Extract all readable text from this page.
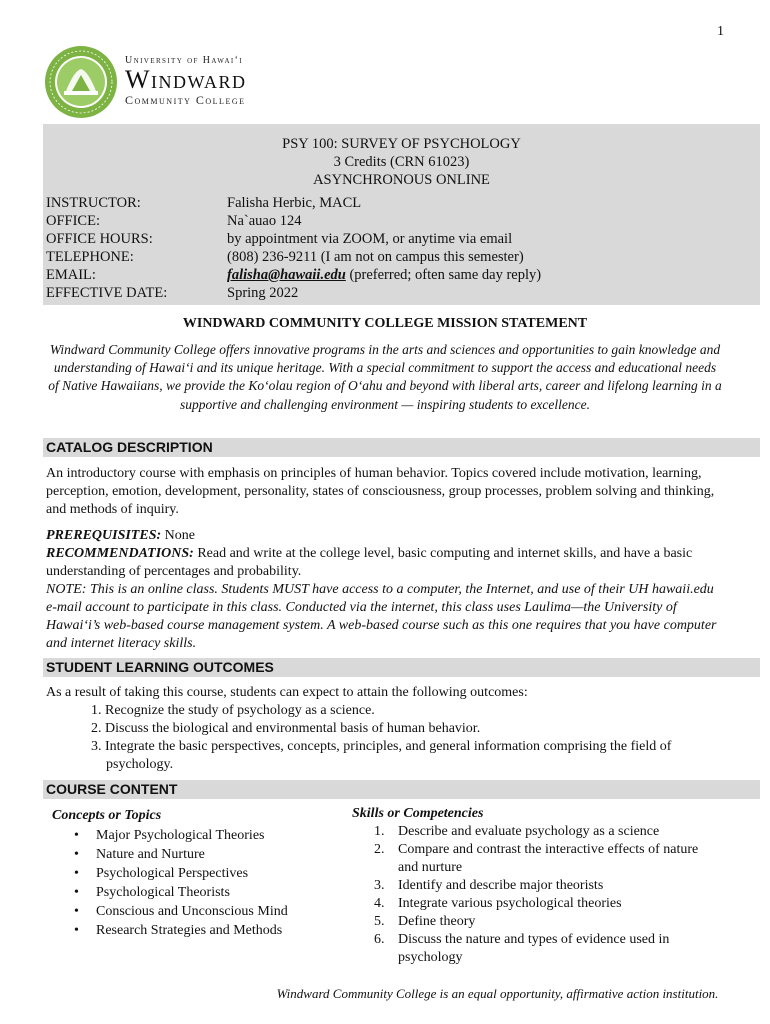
1
University of Hawai‘i
Windward
Community College
PSY 100: SURVEY OF PSYCHOLOGY
3 Credits (CRN 61023)
ASYNCHRONOUS ONLINE
INSTRUCTOR:	Falisha Herbic, MACL
OFFICE:	Na`auao 124
OFFICE HOURS:	by appointment via ZOOM, or anytime via email
TELEPHONE:	(808) 236-9211 (I am not on campus this semester)
EMAIL:	falisha@hawaii.edu (preferred; often same day reply)
EFFECTIVE DATE:	Spring 2022
WINDWARD COMMUNITY COLLEGE MISSION STATEMENT
Windward Community College offers innovative programs in the arts and sciences and opportunities to gain knowledge and understanding of Hawai‘i and its unique heritage. With a special commitment to support the access and educational needs of Native Hawaiians, we provide the Ko‘olau region of O‘ahu and beyond with liberal arts, career and lifelong learning in a supportive and challenging environment — inspiring students to excellence.
CATALOG DESCRIPTION
An introductory course with emphasis on principles of human behavior. Topics covered include motivation, learning, perception, emotion, development, personality, states of consciousness, group processes, problem solving and thinking, and methods of inquiry.
PREREQUISITES: None
RECOMMENDATIONS: Read and write at the college level, basic computing and internet skills, and have a basic understanding of percentages and probability.
NOTE: This is an online class. Students MUST have access to a computer, the Internet, and use of their UH hawaii.edu e-mail account to participate in this class. Conducted via the internet, this class uses Laulima—the University of Hawai‘i’s web-based course management system. A web-based course such as this one requires that you have computer and internet literacy skills.
STUDENT LEARNING OUTCOMES
As a result of taking this course, students can expect to attain the following outcomes:
1. Recognize the study of psychology as a science.
2. Discuss the biological and environmental basis of human behavior.
3. Integrate the basic perspectives, concepts, principles, and general information comprising the field of psychology.
COURSE CONTENT
Concepts or Topics
• Major Psychological Theories
• Nature and Nurture
• Psychological Perspectives
• Psychological Theorists
• Conscious and Unconscious Mind
• Research Strategies and Methods
Skills or Competencies
1. Describe and evaluate psychology as a science
2. Compare and contrast the interactive effects of nature and nurture
3. Identify and describe major theorists
4. Integrate various psychological theories
5. Define theory
6. Discuss the nature and types of evidence used in psychology
Windward Community College is an equal opportunity, affirmative action institution.
